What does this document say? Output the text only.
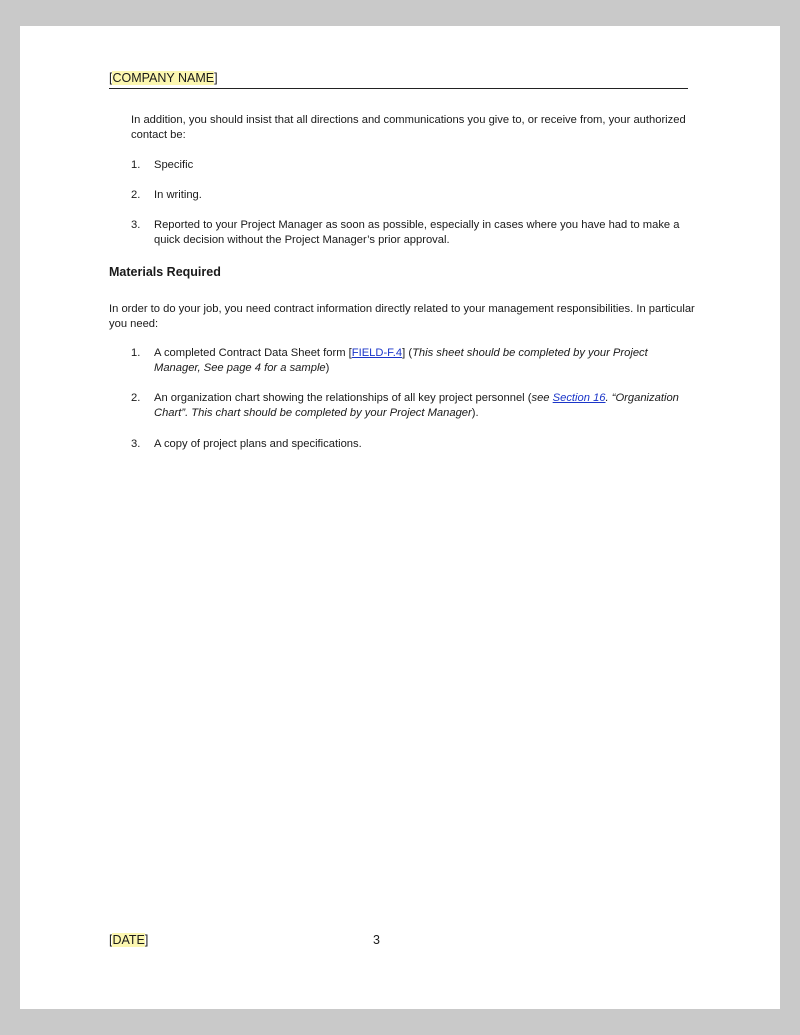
[COMPANY NAME]

In addition, you should insist that all directions and communications you give to, or receive from, your authorized contact be:

1.	Specific
2.	In writing.
3.	Reported to your Project Manager as soon as possible, especially in cases where you have had to make a
quick decision without the Project Manager’s prior approval.
Materials Required

In order to do your job, you need contract information directly related to your management responsibilities. In particular you need:

1.	A completed Contract Data Sheet form [FIELD-F.4] (This sheet should be completed by your Project Manager, See page 4 for a sample)
2.	An organization chart showing the relationships of all key project personnel (see Section 16. “Organization Chart”. This chart should be completed by your Project Manager).
3.	A copy of project plans and specifications.
[DATE]	3
